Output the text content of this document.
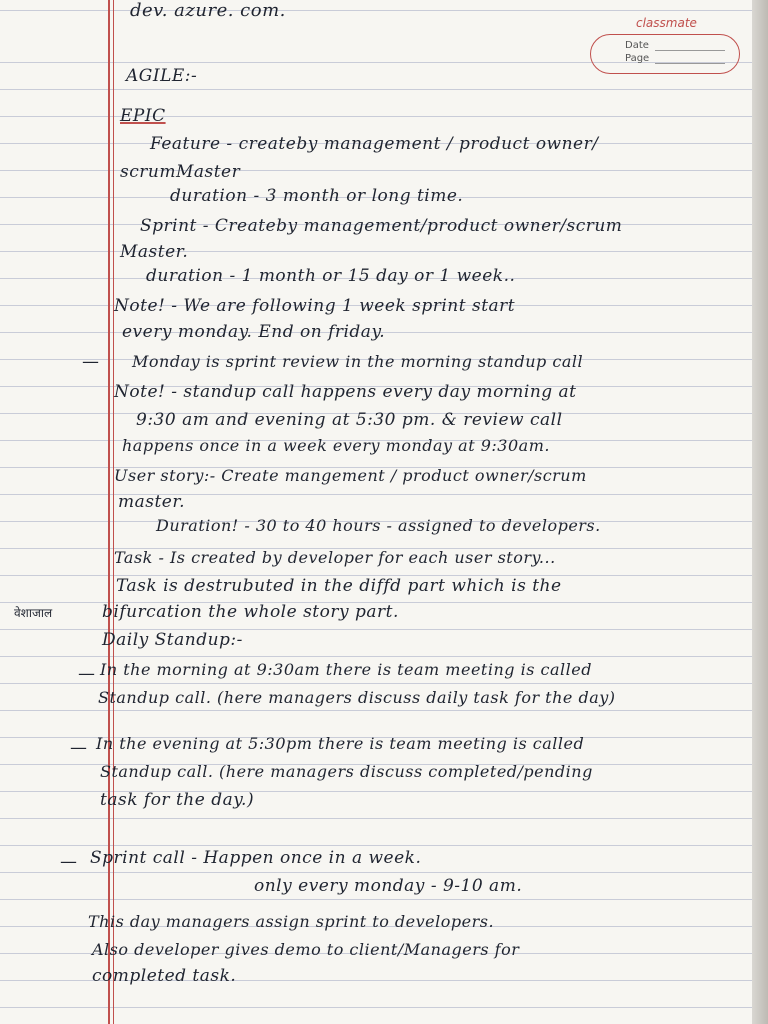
classmate
Date
Page
dev. azure. com.
AGILE:-
EPIC
Feature - createby management / product owner/
scrumMaster
duration - 3 month or long time.
Sprint - Createby management/product owner/scrum
Master.
duration - 1 month or 15 day or 1 week..
Note! - We are following 1 week sprint start
every monday. End on friday.
— Monday is sprint review in the morning standup call
Note! - standup call happens every day morning at
9:30 am and evening at 5:30 pm. & review call
happens once in a week every monday at 9:30am.
User story:- Create mangement / product owner/scrum
master.
Duration! - 30 to 40 hours - assigned to developers.
Task - Is created by developer for each user story...
Task is destrubuted in the diffd part which is the
वेशाजाल	bifurcation the whole story part.
Daily Standup:-
— In the morning at 9:30am there is team meeting is called
Standup call. (here managers discuss daily task for the day)
— In the evening at 5:30pm there is team meeting is called
Standup call. (here managers discuss completed/pending
task for the day.)
— Sprint call - Happen once in a week.
only every monday - 9-10 am.
This day managers assign sprint to developers.
Also developer gives demo to client/Managers for
completed task.
